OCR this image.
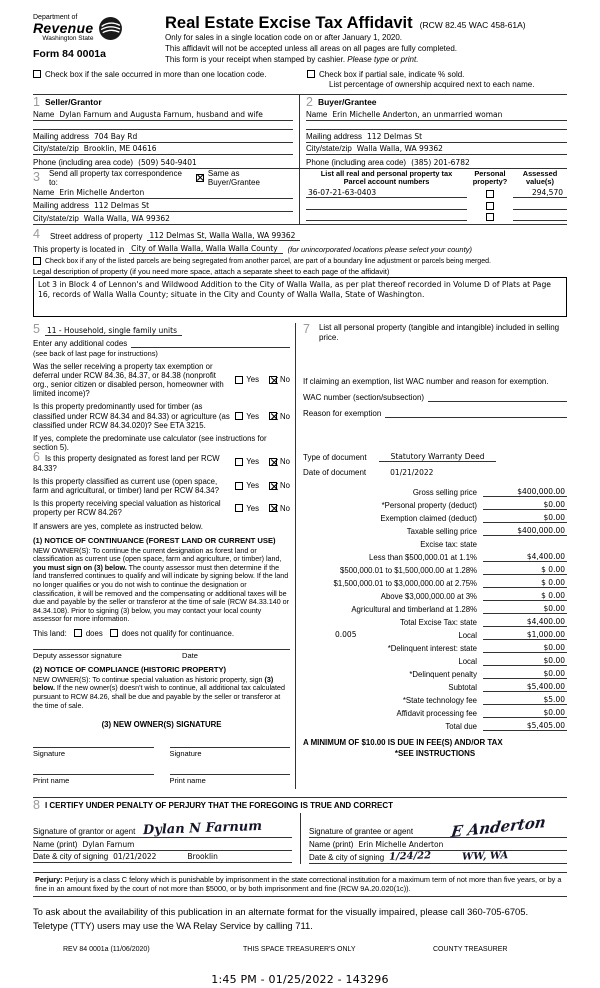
Department of
Revenue
Washington State
Form 84 0001a
Real Estate Excise Tax Affidavit (RCW 82.45 WAC 458-61A)
Only for sales in a single location code on or after January 1, 2020.
This affidavit will not be accepted unless all areas on all pages are fully completed.
This form is your receipt when stamped by cashier. Please type or print.
Check box if the sale occurred in more than one location code.	Check box if partial sale, indicate % sold.
List percentage of ownership acquired next to each name.
1 Seller/Grantor
Name Dylan Farnum and Augusta Farnum, husband and wife
Mailing address 704 Bay Rd
City/state/zip Brooklin, ME 04616
Phone (including area code) (509) 540-9401
2 Buyer/Grantee
Name Erin Michelle Anderton, an unmarried woman
Mailing address 112 Delmas St
City/state/zip Walla Walla, WA 99362
Phone (including area code) (385) 201-6782
3 Send all property tax correspondence to:
Same as Buyer/Grantee
Name Erin Michelle Anderton
Mailing address 112 Delmas St
City/state/zip Walla Walla, WA 99362
List all real and personal property tax
Parcel account numbers
Personal
property?
Assessed
value(s)
36-07-21-63-0403	294,570
4 Street address of property 112 Delmas St, Walla Walla, WA 99362
This property is located in City of Walla Walla, Walla Walla County	(for unincorporated locations please select your county)
Check box if any of the listed parcels are being segregated from another parcel, are part of a boundary line adjustment or parcels being merged.
Legal description of property (if you need more space, attach a separate sheet to each page of the affidavit)
Lot 3 in Block 4 of Lennon's and Wildwood Addition to the City of Walla Walla, as per plat thereof recorded in Volume D of Plats at Page 16, records of Walla Walla County; situate in the City and County of Walla Walla, State of Washington.
5 11 - Household, single family units
Enter any additional codes
(see back of last page for instructions)
Was the seller receiving a property tax exemption or deferral under RCW 84.36, 84.37, or 84.38 (nonprofit org., senior citizen or disabled person, homeowner with limited income)?
Yes	No
Is this property predominantly used for timber (as classified under RCW 84.34 and 84.33) or agriculture (as classified under RCW 84.34.020)? See ETA 3215.
Yes	No
If yes, complete the predominate use calculator (see instructions for section 5).
6 Is this property designated as forest land per RCW 84.33?
Yes	No
Is this property classified as current use (open space, farm and agricultural, or timber) land per RCW 84.34?
Yes	No
Is this property receiving special valuation as historical property per RCW 84.26?
Yes	No
If answers are yes, complete as instructed below.
(1) NOTICE OF CONTINUANCE (FOREST LAND OR CURRENT USE)
NEW OWNER(S): To continue the current designation as forest land or classification as current use (open space, farm and agriculture, or timber) land, you must sign on (3) below. The county assessor must then determine if the land transferred continues to qualify and will indicate by signing below. If the land no longer qualifies or you do not wish to continue the designation or classification, it will be removed and the compensating or additional taxes will be due and payable by the seller or transferor at the time of sale (RCW 84.33.140 or 84.34.108). Prior to signing (3) below, you may contact your local county assessor for more information.
This land: does does not qualify for continuance.
Deputy assessor signature	Date
(2) NOTICE OF COMPLIANCE (HISTORIC PROPERTY)
NEW OWNER(S): To continue special valuation as historic property, sign (3) below. If the new owner(s) doesn't wish to continue, all additional tax calculated pursuant to RCW 84.26, shall be due and payable by the seller or transferor at the time of sale.
(3) NEW OWNER(S) SIGNATURE
Signature
Print name
Signature
Print name
7 List all personal property (tangible and intangible) included in selling price.
If claiming an exemption, list WAC number and reason for exemption.
WAC number (section/subsection)
Reason for exemption
Type of document	Statutory Warranty Deed
Date of document	01/21/2022
Gross selling price	$400,000.00
*Personal property (deduct)	$0.00
Exemption claimed (deduct)	$0.00
Taxable selling price	$400,000.00
Excise tax: state
Less than $500,000.01 at 1.1%	$4,400.00
$500,000.01 to $1,500,000.00 at 1.28%	$ 0.00
$1,500,000.01 to $3,000,000.00 at 2.75%	$ 0.00
Above $3,000,000.00 at 3%	$ 0.00
Agricultural and timberland at 1.28%	$0.00
Total Excise Tax: state	$4,400.00
0.005	Local	$1,000.00
*Delinquent interest: state	$0.00
Local	$0.00
*Delinquent penalty	$0.00
Subtotal	$5,400.00
*State technology fee	$5.00
Affidavit processing fee	$0.00
Total due	$5,405.00
A MINIMUM OF $10.00 IS DUE IN FEE(S) AND/OR TAX
*SEE INSTRUCTIONS
8 I CERTIFY UNDER PENALTY OF PERJURY THAT THE FOREGOING IS TRUE AND CORRECT
Signature of grantor or agent Dylan N Farnum
Name (print) Dylan Farnum
Date & city of signing 01/21/2022	Brooklin
Signature of grantee or agent E Anderton
Name (print) Erin Michelle Anderton
Date & city of signing 1/24/22	WW, WA
Perjury: Perjury is a class C felony which is punishable by imprisonment in the state correctional institution for a maximum term of not more than five years, or by a fine in an amount fixed by the court of not more than $5000, or by both imprisonment and fine (RCW 9A.20.020(1c)).
To ask about the availability of this publication in an alternate format for the visually impaired, please call 360-705-6705.
Teletype (TTY) users may use the WA Relay Service by calling 711.
REV 84 0001a (11/06/2020)	THIS SPACE TREASURER'S ONLY	COUNTY TREASURER
1:45 PM - 01/25/2022 - 143296
